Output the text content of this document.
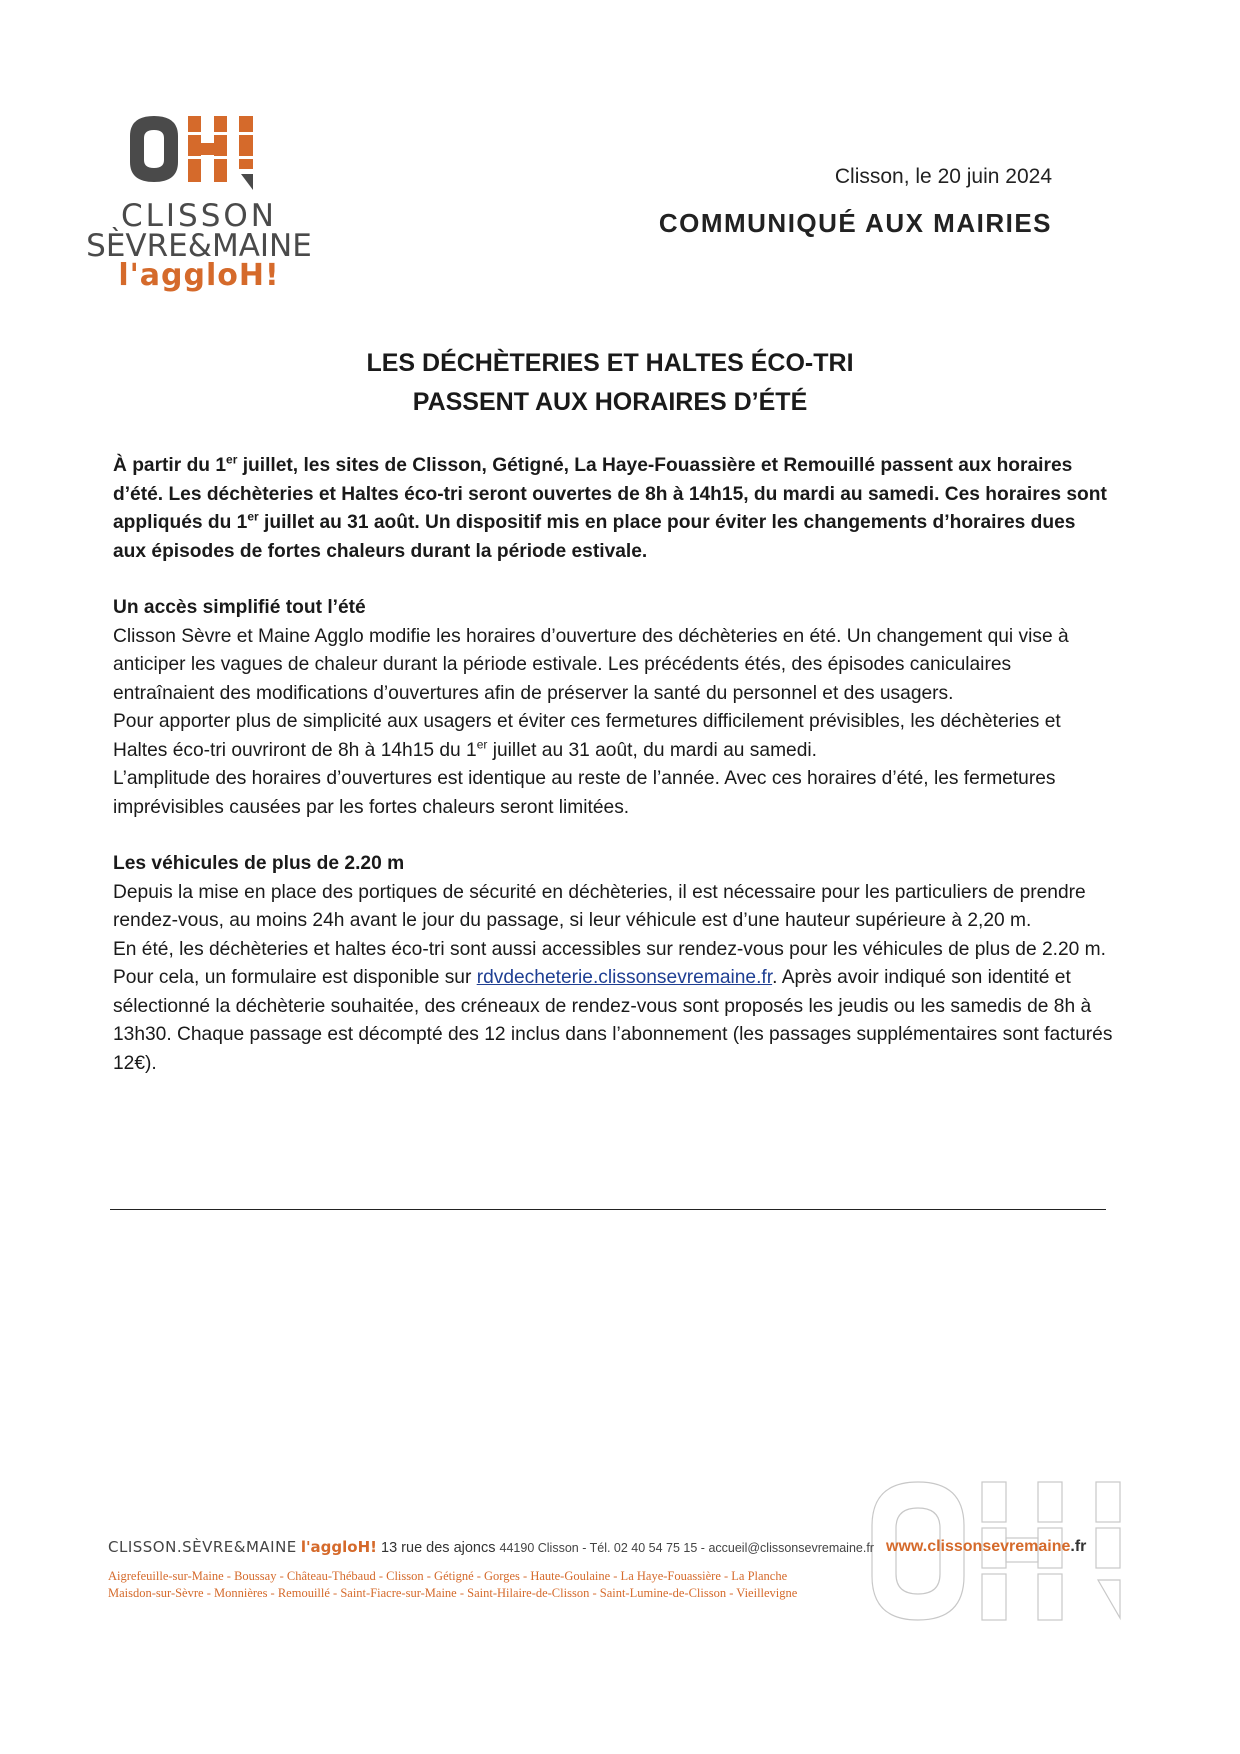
CLISSON
SÈVRE&MAINE
l'aggloH!
Clisson, le 20 juin 2024
COMMUNIQUÉ AUX MAIRIES
LES DÉCHÈTERIES ET HALTES ÉCO-TRI
PASSENT AUX HORAIRES D’ÉTÉ

À partir du 1er juillet, les sites de Clisson, Gétigné, La Haye-Fouassière et Remouillé passent aux horaires d’été. Les déchèteries et Haltes éco-tri seront ouvertes de 8h à 14h15, du mardi au samedi. Ces horaires sont appliqués du 1er juillet au 31 août. Un dispositif mis en place pour éviter les changements d’horaires dues aux épisodes de fortes chaleurs durant la période estivale.

Un accès simplifié tout l’été

Clisson Sèvre et Maine Agglo modifie les horaires d’ouverture des déchèteries en été. Un changement qui vise à anticiper les vagues de chaleur durant la période estivale. Les précédents étés, des épisodes caniculaires entraînaient des modifications d’ouvertures afin de préserver la santé du personnel et des usagers.

Pour apporter plus de simplicité aux usagers et éviter ces fermetures difficilement prévisibles, les déchèteries et Haltes éco-tri ouvriront de 8h à 14h15 du 1er juillet au 31 août, du mardi au samedi.

L’amplitude des horaires d’ouvertures est identique au reste de l’année. Avec ces horaires d’été, les fermetures imprévisibles causées par les fortes chaleurs seront limitées.

Les véhicules de plus de 2.20 m

Depuis la mise en place des portiques de sécurité en déchèteries, il est nécessaire pour les particuliers de prendre rendez-vous, au moins 24h avant le jour du passage, si leur véhicule est d’une hauteur supérieure à 2,20 m.

En été, les déchèteries et haltes éco-tri sont aussi accessibles sur rendez-vous pour les véhicules de plus de 2.20 m. Pour cela, un formulaire est disponible sur rdvdecheterie.clissonsevremaine.fr. Après avoir indiqué son identité et sélectionné la déchèterie souhaitée, des créneaux de rendez-vous sont proposés les jeudis ou les samedis de 8h à 13h30. Chaque passage est décompté des 12 inclus dans l’abonnement (les passages supplémentaires sont facturés 12€).

CLISSON.SÈVRE&MAINE l'aggloH! 13 rue des ajoncs 44190 Clisson - Tél. 02 40 54 75 15 - accueil@clissonsevremaine.fr www.clissonsevremaine.fr

Aigrefeuille-sur-Maine - Boussay - Château-Thébaud - Clisson - Gétigné - Gorges - Haute-Goulaine - La Haye-Fouassière - La Planche

Maisdon-sur-Sèvre - Monnières - Remouillé - Saint-Fiacre-sur-Maine - Saint-Hilaire-de-Clisson - Saint-Lumine-de-Clisson - Vieillevigne
